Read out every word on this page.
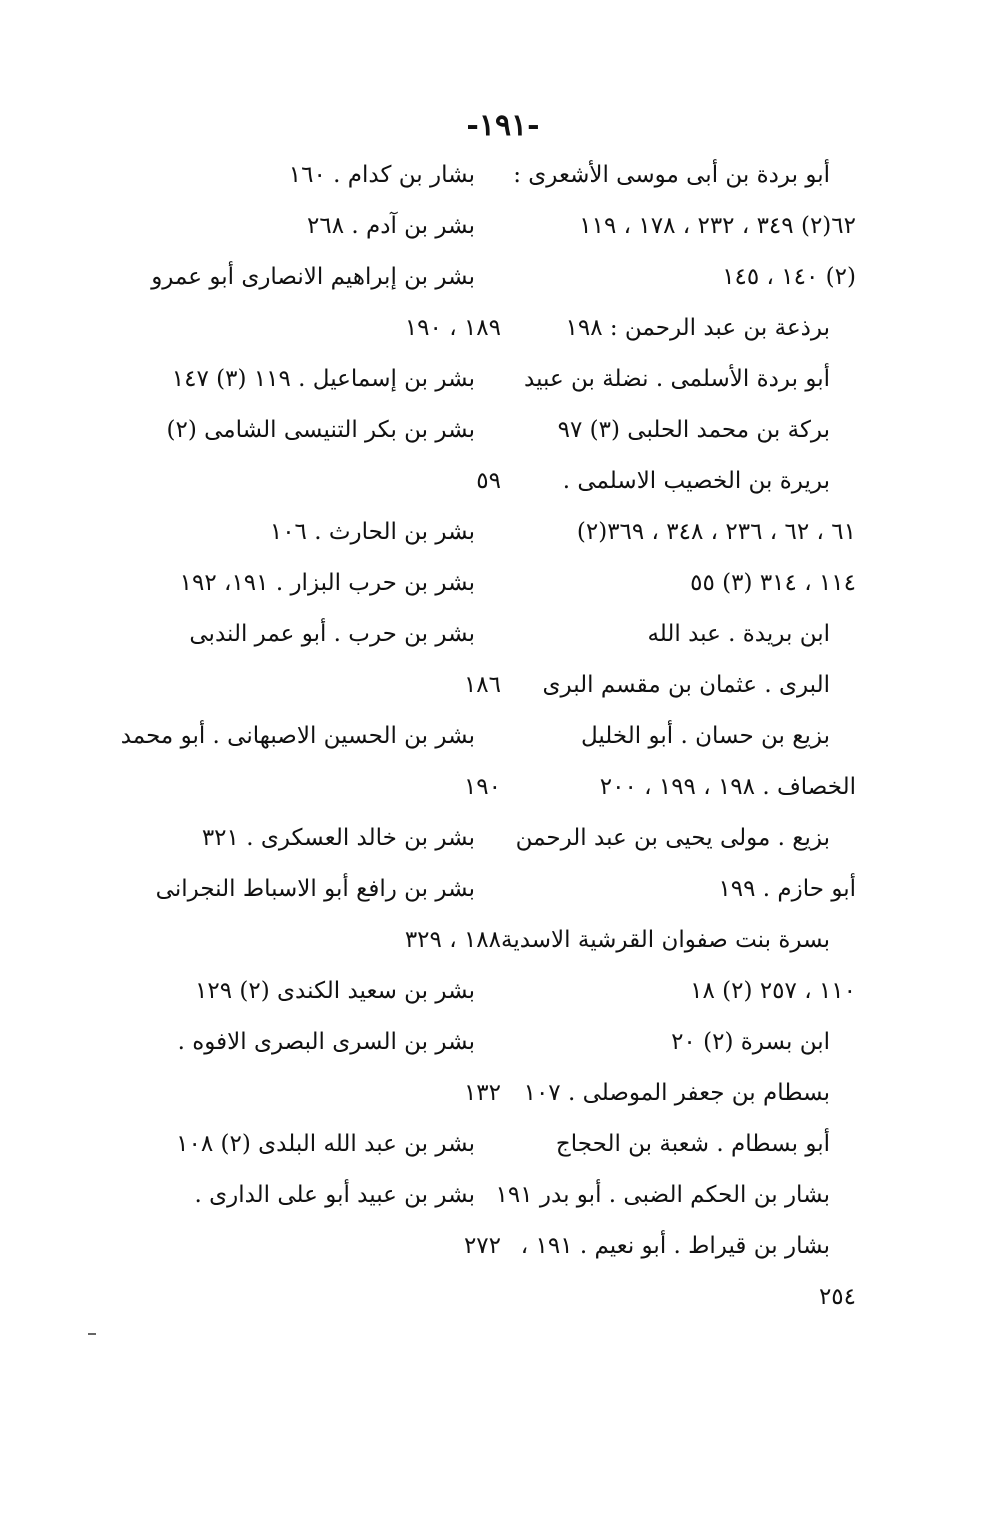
-١٩١-
أبو بردة بن أبى موسى الأشعرى :
٦٢(٢) ٣٤٩ ، ٢٣٢ ، ١٧٨ ، ١١٩
(٢) ١٤٠ ، ١٤٥
برذعة بن عبد الرحمن : ١٩٨
أبو بردة الأسلمى . نضلة بن عبيد
بركة بن محمد الحلبى (٣) ٩٧
بريرة بن الخصيب الاسلمى .
٦١ ، ٦٢ ، ٢٣٦ ، ٣٤٨ ، ٣٦٩(٢)
١١٤ ، ٣١٤ (٣) ٥٥
ابن بريدة . عبد الله
البرى . عثمان بن مقسم البرى
بزيع بن حسان . أبو الخليل
الخصاف . ١٩٨ ، ١٩٩ ، ٢٠٠
بزيع . مولى يحيى بن عبد الرحمن
أبو حازم . ١٩٩
بسرة بنت صفوان القرشية الاسدية
١١٠ ، ٢٥٧ (٢) ١٨
ابن بسرة (٢) ٢٠
بسطام بن جعفر الموصلى . ١٠٧
أبو بسطام . شعبة بن الحجاج
بشار بن الحكم الضبى . أبو بدر ١٩١
بشار بن قيراط . أبو نعيم . ١٩١ ،
٢٥٤
بشار بن كدام . ١٦٠
بشر بن آدم . ٢٦٨
بشر بن إبراهيم الانصارى أبو عمرو
١٨٩ ، ١٩٠
بشر بن إسماعيل . ١١٩ (٣) ١٤٧
بشر بن بكر التنيسى الشامى (٢)
٥٩
بشر بن الحارث . ١٠٦
بشر بن حرب البزار . ١٩١، ١٩٢
بشر بن حرب . أبو عمر الندبى
١٨٦
بشر بن الحسين الاصبهانى . أبو محمد
١٩٠
بشر بن خالد العسكرى . ٣٢١
بشر بن رافع أبو الاسباط النجرانى
١٨٨ ، ٣٢٩
بشر بن سعيد الكندى (٢) ١٢٩
بشر بن السرى البصرى الافوه .
١٣٢
بشر بن عبد الله البلدى (٢) ١٠٨
بشر بن عبيد أبو على الدارى .
٢٧٢
